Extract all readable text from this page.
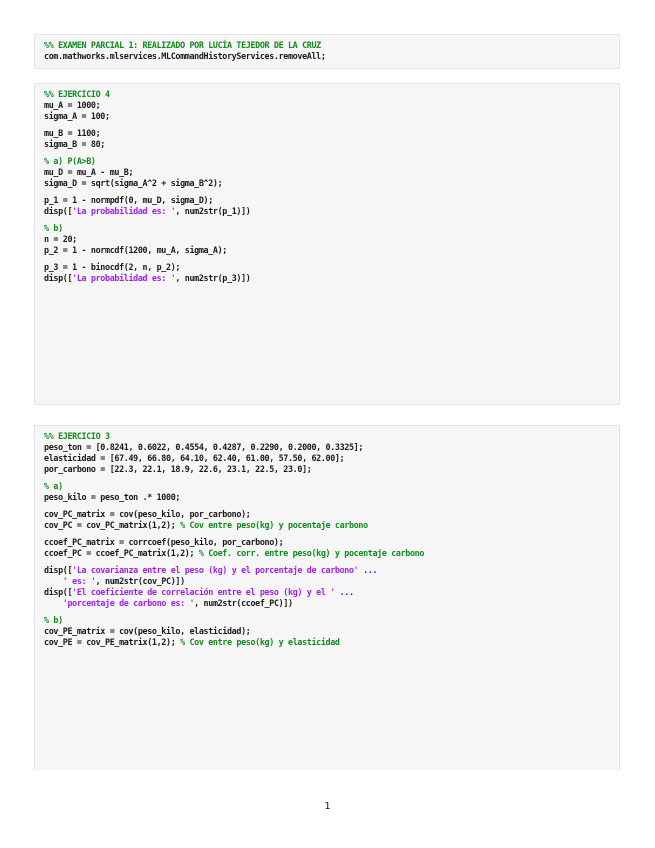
%% EXAMEN PARCIAL 1: REALIZADO POR LUCÍA TEJEDOR DE LA CRUZ
com.mathworks.mlservices.MLCommandHistoryServices.removeAll;
%% EJERCICIO 4
mu_A = 1000;
sigma_A = 100;
mu_B = 1100;
sigma_B = 80;
% a) P(A>B)
mu_D = mu_A - mu_B;
sigma_D = sqrt(sigma_A^2 + sigma_B^2);
p_1 = 1 - normpdf(0, mu_D, sigma_D);
disp(['La probabilidad es: ', num2str(p_1)])
% b)
n = 20;
p_2 = 1 - normcdf(1200, mu_A, sigma_A);
p_3 = 1 - binocdf(2, n, p_2);
disp(['La probabilidad es: ', num2str(p_3)])
%% EJERCICIO 3
peso_ton = [0.8241, 0.6022, 0.4554, 0.4287, 0.2290, 0.2000, 0.3325];
elasticidad = [67.49, 66.80, 64.10, 62.40, 61.00, 57.50, 62.00];
por_carbono = [22.3, 22.1, 18.9, 22.6, 23.1, 22.5, 23.0];
% a)
peso_kilo = peso_ton .* 1000;
cov_PC_matrix = cov(peso_kilo, por_carbono);
cov_PC = cov_PC_matrix(1,2); % Cov entre peso(kg) y pocentaje carbono
ccoef_PC_matrix = corrcoef(peso_kilo, por_carbono);
ccoef_PC = ccoef_PC_matrix(1,2); % Coef. corr. entre peso(kg) y pocentaje carbono
disp(['La covarianza entre el peso (kg) y el porcentaje de carbono' ...
' es: ', num2str(cov_PC)])
disp(['El coeficiente de correlación entre el peso (kg) y el ' ...
'porcentaje de carbono es: ', num2str(ccoef_PC)])
% b)
cov_PE_matrix = cov(peso_kilo, elasticidad);
cov_PE = cov_PE_matrix(1,2); % Cov entre peso(kg) y elasticidad
1
